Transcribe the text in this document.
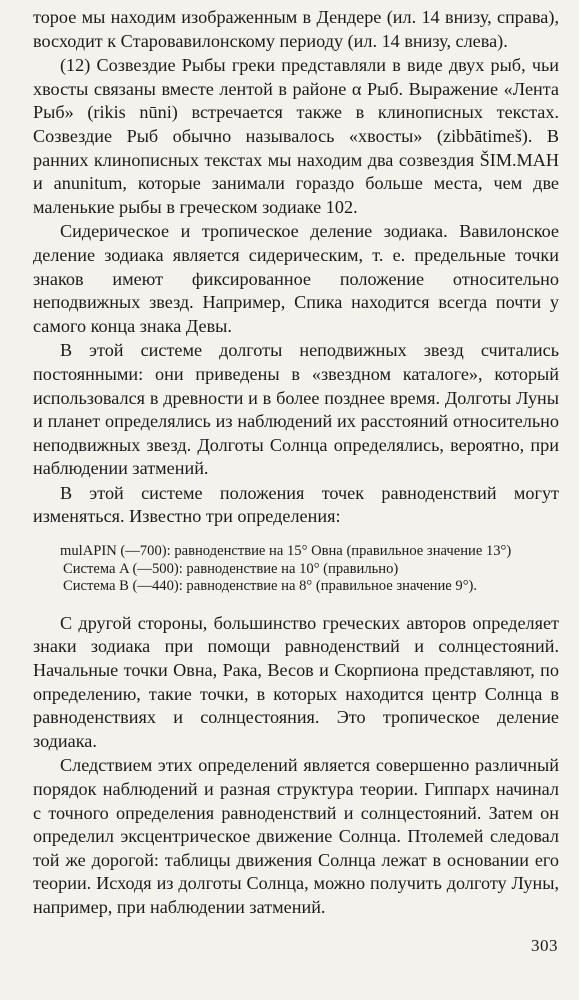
торое мы находим изображенным в Дендере (ил. 14 внизу, справа), восходит к Старовавилонскому периоду (ил. 14 внизу, слева).

(12) Созвездие Рыбы греки представляли в виде двух рыб, чьи хвосты связаны вместе лентой в районе α Рыб. Выражение «Лента Рыб» (rikis nūni) встречается также в клинописных текстах. Созвездие Рыб обычно называлось «хвосты» (zibbātimeš). В ранних клинописных текстах мы находим два созвездия ŠIM.MAH и anunitum, которые занимали гораздо больше места, чем две маленькие рыбы в греческом зодиаке 102.

Сидерическое и тропическое деление зодиака. Вавилонское деление зодиака является сидерическим, т. е. предельные точки знаков имеют фиксированное положение относительно неподвижных звезд. Например, Спика находится всегда почти у самого конца знака Девы.

В этой системе долготы неподвижных звезд считались постоянными: они приведены в «звездном каталоге», который использовался в древности и в более позднее время. Долготы Луны и планет определялись из наблюдений их расстояний относительно неподвижных звезд. Долготы Солнца определялись, вероятно, при наблюдении затмений.

В этой системе положения точек равноденствий могут изменяться. Известно три определения:

mulAPIN (—700): равноденствие на 15° Овна (правильное значение 13°)

Система A (—500): равноденствие на 10° (правильно)

Система B (—440): равноденствие на 8° (правильное значение 9°).

С другой стороны, большинство греческих авторов определяет знаки зодиака при помощи равноденствий и солнцестояний. Начальные точки Овна, Рака, Весов и Скорпиона представляют, по определению, такие точки, в которых находится центр Солнца в равноденствиях и солнцестояния. Это тропическое деление зодиака.

Следствием этих определений является совершенно различный порядок наблюдений и разная структура теории. Гиппарх начинал с точного определения равноденствий и солнцестояний. Затем он определил эксцентрическое движение Солнца. Птолемей следовал той же дорогой: таблицы движения Солнца лежат в основании его теории. Исходя из долготы Солнца, можно получить долготу Луны, например, при наблюдении затмений.

303
